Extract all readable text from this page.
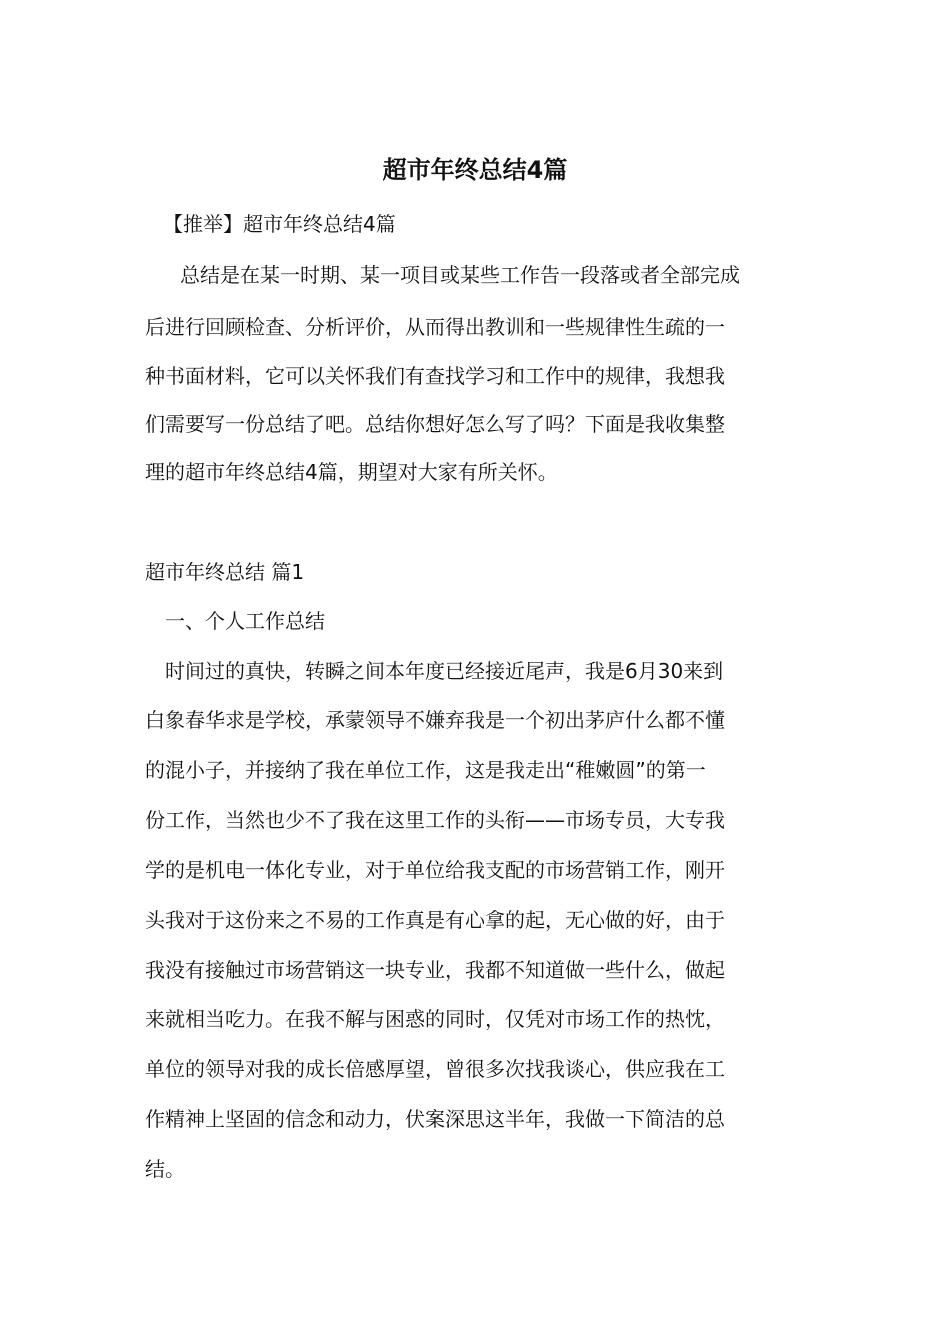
超市年终总结4篇

【推举】超市年终总结4篇

　总结是在某一时期、某一项目或某些工作告一段落或者全部完成

后进行回顾检查、分析评价，从而得出教训和一些规律性生疏的一

种书面材料，它可以关怀我们有查找学习和工作中的规律，我想我

们需要写一份总结了吧。总结你想好怎么写了吗？下面是我收集整

理的超市年终总结4篇，期望对大家有所关怀。

超市年终总结 篇1

一、个人工作总结

时间过的真快，转瞬之间本年度已经接近尾声，我是6月30来到

白象春华求是学校，承蒙领导不嫌弃我是一个初出茅庐什么都不懂

的混小子，并接纳了我在单位工作，这是我走出“稚嫩圆”的第一

份工作，当然也少不了我在这里工作的头衔——市场专员，大专我

学的是机电一体化专业，对于单位给我支配的市场营销工作，刚开

头我对于这份来之不易的工作真是有心拿的起，无心做的好，由于

我没有接触过市场营销这一块专业，我都不知道做一些什么，做起

来就相当吃力。在我不解与困惑的同时，仅凭对市场工作的热忱，

单位的领导对我的成长倍感厚望，曾很多次找我谈心，供应我在工

作精神上坚固的信念和动力，伏案深思这半年，我做一下简洁的总

结。
